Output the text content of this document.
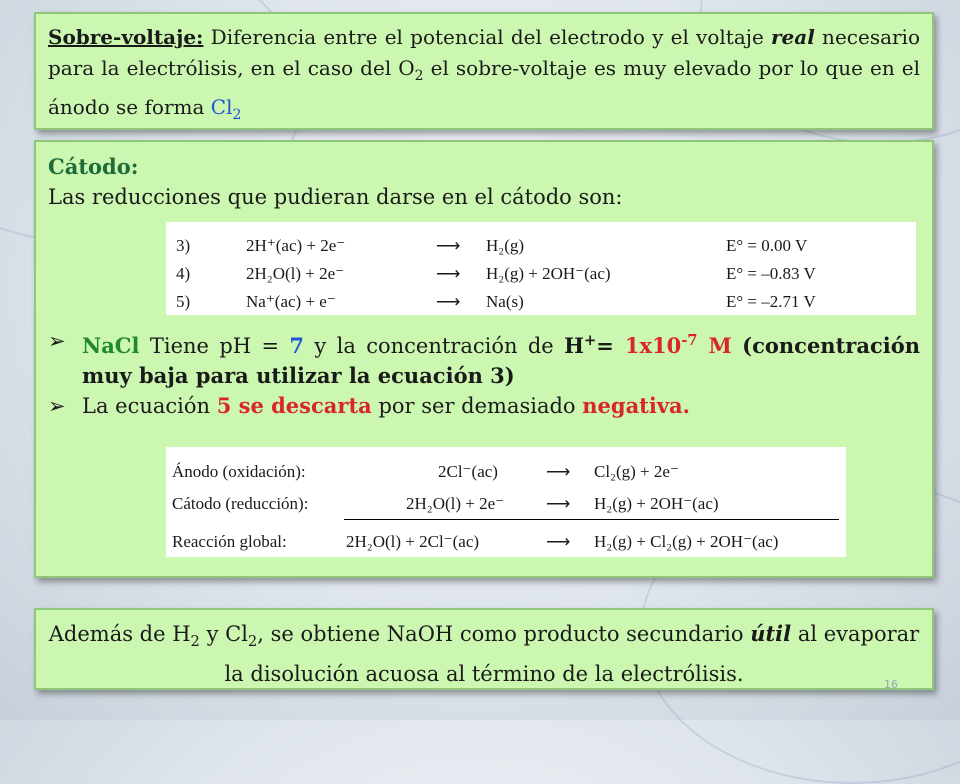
Sobre-voltaje: Diferencia entre el potencial del electrodo y el voltaje real necesario para la electrólisis, en el caso del $O_2$ el sobre-voltaje es muy elevado por lo que en el ánodo se forma $Cl_2$
Cátodo:
Las reducciones que pudieran darse en el cátodo son:
3)	2H⁺(ac) + 2e⁻	⟶ H₂(g)	E° = 0.00 V
4)	2H₂O(l) + 2e⁻	⟶ H₂(g) + 2OH⁻(ac)	E° = –0.83 V
5)	Na⁺(ac) + e⁻	⟶ Na(s)	E° = –2.71 V
➢ NaCl Tiene pH = 7 y la concentración de $H^+= 1x10^{-7}$ M (concentración muy baja para utilizar la ecuación 3)
➢ La ecuación 5 se descarta por ser demasiado negativa.
Ánodo (oxidación):	2Cl⁻(ac)	⟶ Cl₂(g) + 2e⁻
Cátodo (reducción):	2H₂O(l) + 2e⁻ ⟶ H₂(g) + 2OH⁻(ac)
Reacción global:	2H₂O(l) + 2Cl⁻(ac)	⟶ H₂(g) + Cl₂(g) + 2OH⁻(ac)
Además de $H_2$ y $Cl_2$, se obtiene NaOH como producto secundario útil al evaporar la disolución acuosa al término de la electrólisis.	16
